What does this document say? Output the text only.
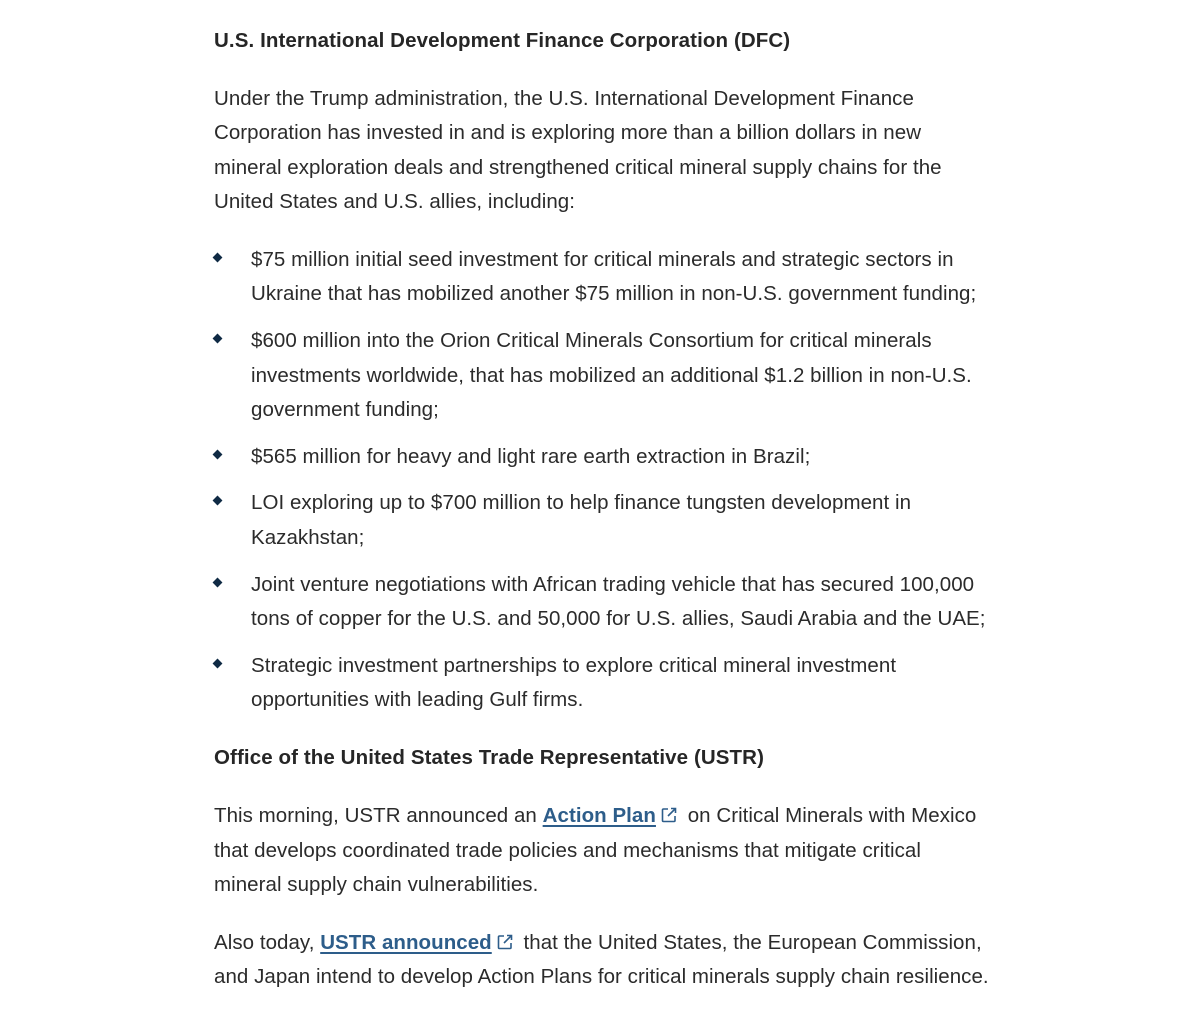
U.S. International Development Finance Corporation (DFC)

Under the Trump administration, the U.S. International Development Finance Corporation has invested in and is exploring more than a billion dollars in new mineral exploration deals and strengthened critical mineral supply chains for the United States and U.S. allies, including:

$75 million initial seed investment for critical minerals and strategic sectors in Ukraine that has mobilized another $75 million in non-U.S. government funding;
$600 million into the Orion Critical Minerals Consortium for critical minerals investments worldwide, that has mobilized an additional $1.2 billion in non-U.S. government funding;
$565 million for heavy and light rare earth extraction in Brazil;
LOI exploring up to $700 million to help finance tungsten development in Kazakhstan;
Joint venture negotiations with African trading vehicle that has secured 100,000 tons of copper for the U.S. and 50,000 for U.S. allies, Saudi Arabia and the UAE;
Strategic investment partnerships to explore critical mineral investment opportunities with leading Gulf firms.
Office of the United States Trade Representative (USTR)

This morning, USTR announced an Action Plan
on Critical Minerals with Mexico that develops coordinated trade policies and mechanisms that mitigate critical mineral supply chain vulnerabilities.

Also today, USTR announced
that the United States, the European Commission, and Japan intend to develop Action Plans for critical minerals supply chain resilience.
